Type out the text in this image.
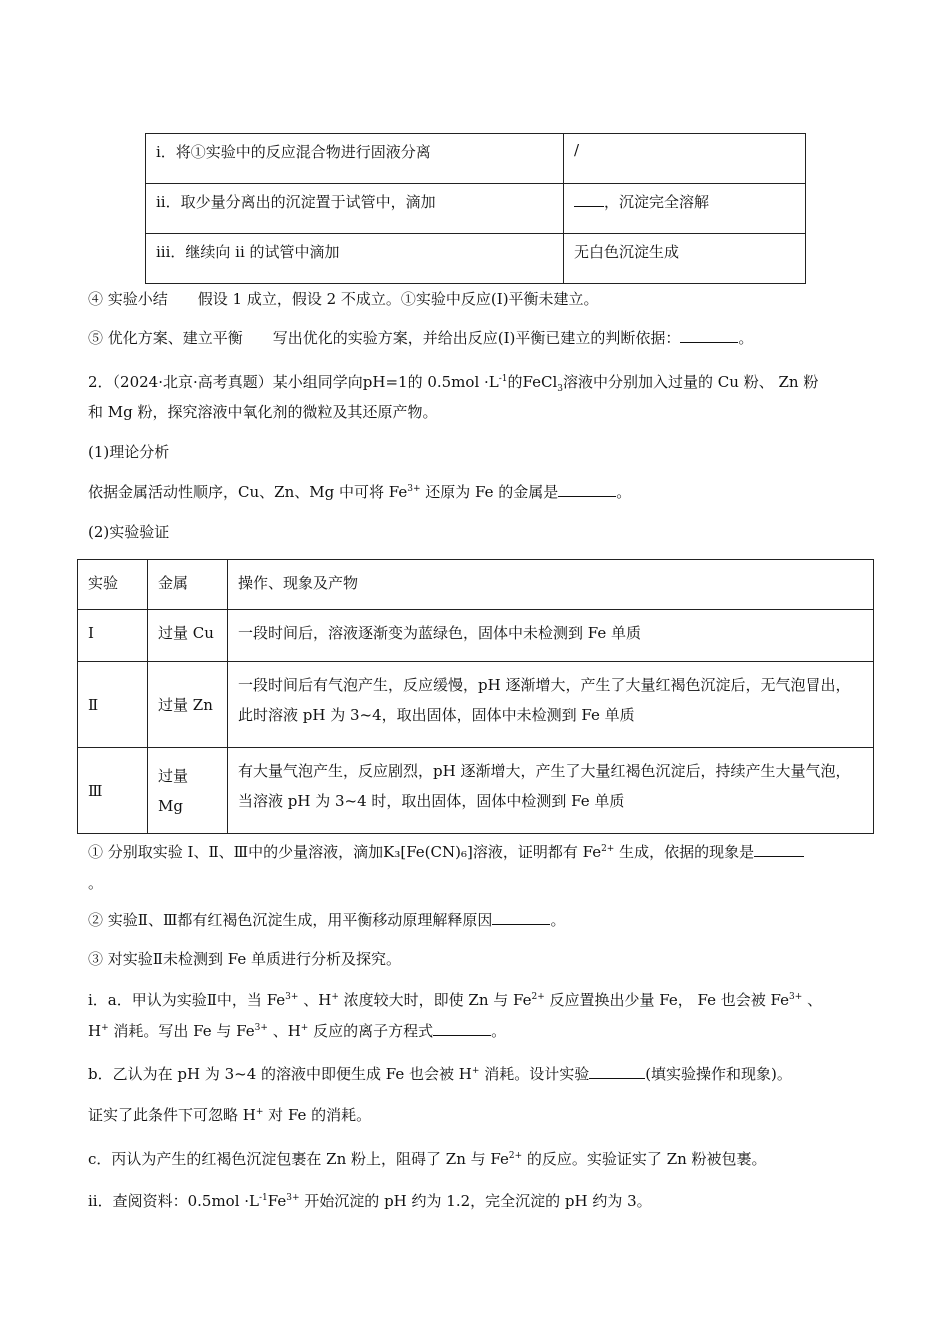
i．将①实验中的反应混合物进行固液分离	/
ii．取少量分离出的沉淀置于试管中，滴加	，沉淀完全溶解
iii．继续向 ii 的试管中滴加	无白色沉淀生成
④ 实验小结　　假设 1 成立，假设 2 不成立。①实验中反应(I)平衡未建立。
⑤ 优化方案、建立平衡　　写出优化的实验方案，并给出反应(I)平衡已建立的判断依据：	。
2．（2024·北京·高考真题）某小组同学向pH=1的 $0.5mol \cdot L^{-1}$的FeCl$_3$溶液中分别加入过量的 Cu 粉、 Zn 粉
和 Mg 粉，探究溶液中氧化剂的微粒及其还原产物。
(1)理论分析
依据金属活动性顺序，Cu、Zn、Mg 中可将 $Fe^{3+}$ 还原为 Fe 的金属是	。
(2)实验验证
实验	金属	操作、现象及产物
I	过量 Cu	一段时间后，溶液逐渐变为蓝绿色，固体中未检测到 Fe 单质
Ⅱ	过量 Zn	一段时间后有气泡产生，反应缓慢，pH 逐渐增大，产生了大量红褐色沉淀后，无气泡冒出，此时溶液 pH 为 3~4，取出固体，固体中未检测到 Fe 单质
Ⅲ	过量 Mg	有大量气泡产生，反应剧烈，pH 逐渐增大，产生了大量红褐色沉淀后，持续产生大量气泡，当溶液 pH 为 3~4 时，取出固体，固体中检测到 Fe 单质
① 分别取实验 I、Ⅱ、Ⅲ中的少量溶液，滴加K₃[Fe(CN)₆]溶液，证明都有 $Fe^{2+}$ 生成，依据的现象是
。
② 实验Ⅱ、Ⅲ都有红褐色沉淀生成，用平衡移动原理解释原因	。
③ 对实验Ⅱ未检测到 Fe 单质进行分析及探究。
i．a．甲认为实验Ⅱ中，当 $Fe^{3+}$ 、H+ 浓度较大时，即使 Zn 与 $Fe^{2+}$ 反应置换出少量 Fe， Fe 也会被 $Fe^{3+}$ 、
H+ 消耗。写出 Fe 与 $Fe^{3+}$ 、H+ 反应的离子方程式	。
b．乙认为在 pH 为 3~4 的溶液中即便生成 Fe 也会被 H+ 消耗。设计实验	(填实验操作和现象)。
证实了此条件下可忽略 H+ 对 Fe 的消耗。
c．丙认为产生的红褐色沉淀包裹在 Zn 粉上，阻碍了 Zn 与 $Fe^{2+}$ 的反应。实验证实了 Zn 粉被包裹。
ii．查阅资料：$0.5mol \cdot L^{-1}Fe^{3+}$ 开始沉淀的 pH 约为 1.2，完全沉淀的 pH 约为 3。
